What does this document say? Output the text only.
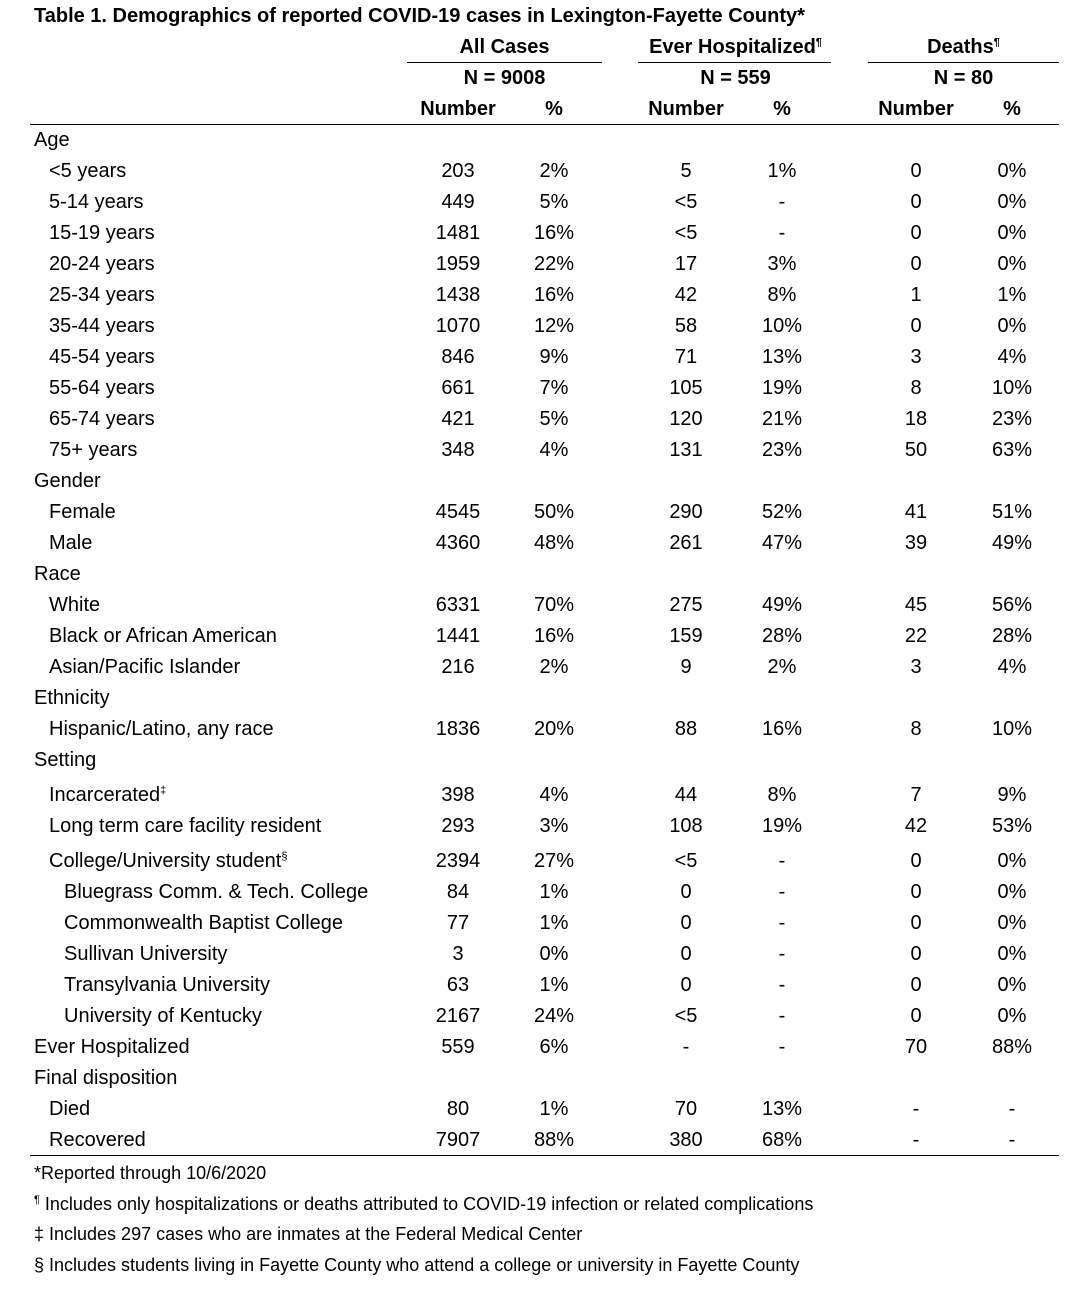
Table 1. Demographics of reported COVID-19 cases in Lexington-Fayette County*
All Cases	Ever Hospitalized¶	Deaths¶
N = 9008	N = 559	N = 80
Number	%	Number	%	Number	%
Age
<5 years	203	2%	5	1%	0	0%
5-14 years	449	5%	<5	-	0	0%
15-19 years	1481	16%	<5	-	0	0%
20-24 years	1959	22%	17	3%	0	0%
25-34 years	1438	16%	42	8%	1	1%
35-44 years	1070	12%	58	10%	0	0%
45-54 years	846	9%	71	13%	3	4%
55-64 years	661	7%	105	19%	8	10%
65-74 years	421	5%	120	21%	18	23%
75+ years	348	4%	131	23%	50	63%
Gender
Female	4545	50%	290	52%	41	51%
Male	4360	48%	261	47%	39	49%
Race
White	6331	70%	275	49%	45	56%
Black or African American	1441	16%	159	28%	22	28%
Asian/Pacific Islander	216	2%	9	2%	3	4%
Ethnicity
Hispanic/Latino, any race	1836	20%	88	16%	8	10%
Setting
Incarcerated‡	398	4%	44	8%	7	9%
Long term care facility resident	293	3%	108	19%	42	53%
College/University student§	2394	27%	<5	-	0	0%
Bluegrass Comm. & Tech. College	84	1%	0	-	0	0%
Commonwealth Baptist College	77	1%	0	-	0	0%
Sullivan University	3	0%	0	-	0	0%
Transylvania University	63	1%	0	-	0	0%
University of Kentucky	2167	24%	<5	-	0	0%
Ever Hospitalized	559	6%	-	-	70	88%
Final disposition
Died	80	1%	70	13%	-	-
Recovered	7907	88%	380	68%	-	-
*Reported through 10/6/2020
¶ Includes only hospitalizations or deaths attributed to COVID-19 infection or related complications
‡ Includes 297 cases who are inmates at the Federal Medical Center
§ Includes students living in Fayette County who attend a college or university in Fayette County
